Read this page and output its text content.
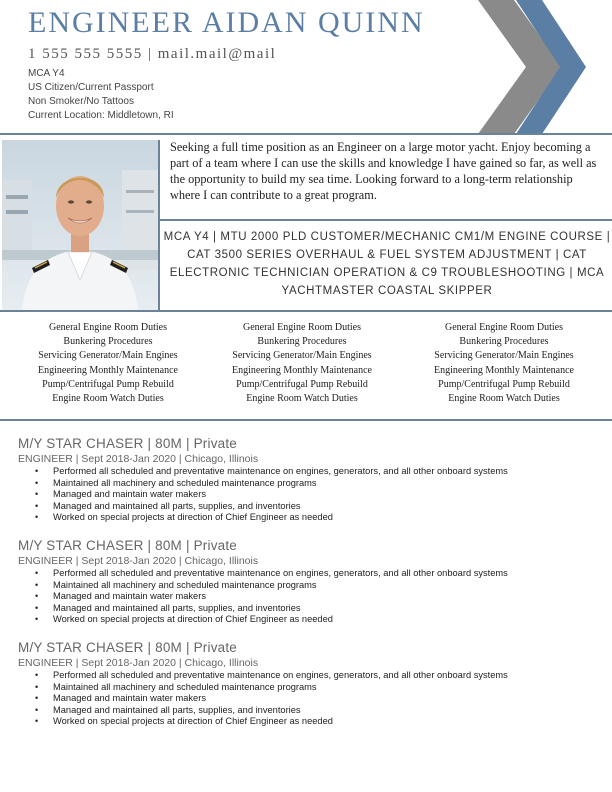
ENGINEER AIDAN QUINN
1 555 555 5555 | mail.mail@mail
MCA Y4
US Citizen/Current Passport
Non Smoker/No Tattoos
Current Location: Middletown, RI
Seeking a full time position as an Engineer on a large motor yacht. Enjoy becoming a part of a team where I can use the skills and knowledge I have gained so far, as well as the opportunity to build my sea time. Looking forward to a long-term relationship where I can contribute to a great program.
MCA Y4 | MTU 2000 PLD CUSTOMER/MECHANIC CM1/M ENGINE COURSE | CAT 3500 SERIES OVERHAUL & FUEL SYSTEM ADJUSTMENT | CAT ELECTRONIC TECHNICIAN OPERATION & C9 TROUBLESHOOTING | MCA YACHTMASTER COASTAL SKIPPER
General Engine Room Duties
Bunkering Procedures
Servicing Generator/Main Engines
Engineering Monthly Maintenance
Pump/Centrifugal Pump Rebuild
Engine Room Watch Duties
General Engine Room Duties
Bunkering Procedures
Servicing Generator/Main Engines
Engineering Monthly Maintenance
Pump/Centrifugal Pump Rebuild
Engine Room Watch Duties
General Engine Room Duties
Bunkering Procedures
Servicing Generator/Main Engines
Engineering Monthly Maintenance
Pump/Centrifugal Pump Rebuild
Engine Room Watch Duties
M/Y STAR CHASER | 80M | Private
ENGINEER | Sept 2018-Jan 2020 | Chicago, Illinois
• Performed all scheduled and preventative maintenance on engines, generators, and all other onboard systems
• Maintained all machinery and scheduled maintenance programs
• Managed and maintain water makers
• Managed and maintained all parts, supplies, and inventories
• Worked on special projects at direction of Chief Engineer as needed
M/Y STAR CHASER | 80M | Private
ENGINEER | Sept 2018-Jan 2020 | Chicago, Illinois
• Performed all scheduled and preventative maintenance on engines, generators, and all other onboard systems
• Maintained all machinery and scheduled maintenance programs
• Managed and maintain water makers
• Managed and maintained all parts, supplies, and inventories
• Worked on special projects at direction of Chief Engineer as needed
M/Y STAR CHASER | 80M | Private
ENGINEER | Sept 2018-Jan 2020 | Chicago, Illinois
• Performed all scheduled and preventative maintenance on engines, generators, and all other onboard systems
• Maintained all machinery and scheduled maintenance programs
• Managed and maintain water makers
• Managed and maintained all parts, supplies, and inventories
• Worked on special projects at direction of Chief Engineer as needed
